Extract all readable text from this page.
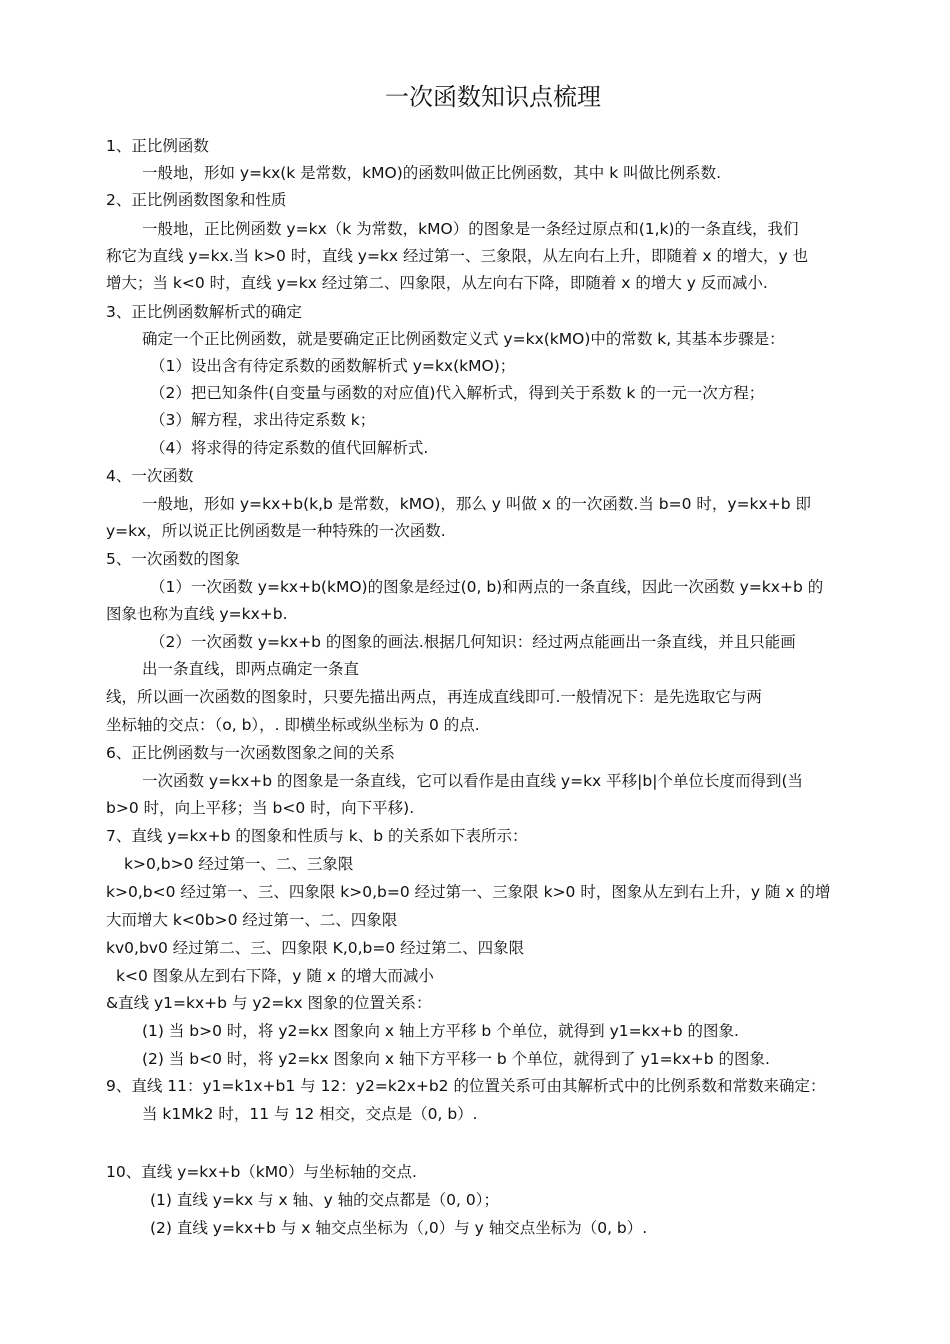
一次函数知识点梳理
1、正比例函数
一般地，形如 y=kx(k 是常数，kMO)的函数叫做正比例函数，其中 k 叫做比例系数.
2、正比例函数图象和性质
一般地，正比例函数 y=kx（k 为常数，kMO）的图象是一条经过原点和(1,k)的一条直线，我们
称它为直线 y=kx.当 k>0 时，直线 y=kx 经过第一、三象限，从左向右上升，即随着 x 的增大，y 也
增大；当 k<0 时，直线 y=kx 经过第二、四象限，从左向右下降，即随着 x 的增大 y 反而减小.
3、正比例函数解析式的确定
确定一个正比例函数，就是要确定正比例函数定义式 y=kx(kMO)中的常数 k, 其基本步骤是：
（1）设出含有待定系数的函数解析式 y=kx(kMO)；
（2）把已知条件(自变量与函数的对应值)代入解析式，得到关于系数 k 的一元一次方程；
（3）解方程，求出待定系数 k；
（4）将求得的待定系数的值代回解析式.
4、一次函数
一般地，形如 y=kx+b(k,b 是常数，kMO)，那么 y 叫做 x 的一次函数.当 b=0 时，y=kx+b 即
y=kx，所以说正比例函数是一种特殊的一次函数.
5、一次函数的图象
（1）一次函数 y=kx+b(kMO)的图象是经过(0, b)和两点的一条直线，因此一次函数 y=kx+b 的
图象也称为直线 y=kx+b.
（2）一次函数 y=kx+b 的图象的画法.根据几何知识：经过两点能画出一条直线，并且只能画
出一条直线，即两点确定一条直
线，所以画一次函数的图象时，只要先描出两点，再连成直线即可.一般情况下：是先选取它与两
坐标轴的交点：（o, b），. 即横坐标或纵坐标为 0 的点.
6、正比例函数与一次函数图象之间的关系
一次函数 y=kx+b 的图象是一条直线，它可以看作是由直线 y=kx 平移|b|个单位长度而得到(当
b>0 时，向上平移；当 b<0 时，向下平移).
7、直线 y=kx+b 的图象和性质与 k、b 的关系如下表所示：
k>0,b>0 经过第一、二、三象限
k>0,b<0 经过第一、三、四象限 k>0,b=0 经过第一、三象限 k>0 时，图象从左到右上升，y 随 x 的增
大而增大 k<0b>0 经过第一、二、四象限
kv0,bv0 经过第二、三、四象限 K,0,b=0 经过第二、四象限
k<0 图象从左到右下降，y 随 x 的增大而减小
&直线 y1=kx+b 与 y2=kx 图象的位置关系：
(1) 当 b>0 时，将 y2=kx 图象向 x 轴上方平移 b 个单位，就得到 y1=kx+b 的图象.
(2) 当 b<0 时，将 y2=kx 图象向 x 轴下方平移一 b 个单位，就得到了 y1=kx+b 的图象.
9、直线 11：y1=k1x+b1 与 12：y2=k2x+b2 的位置关系可由其解析式中的比例系数和常数来确定：
当 k1Mk2 时，11 与 12 相交，交点是（0, b）.
10、直线 y=kx+b（kM0）与坐标轴的交点.
(1) 直线 y=kx 与 x 轴、y 轴的交点都是（0, 0）；
(2) 直线 y=kx+b 与 x 轴交点坐标为（,0）与 y 轴交点坐标为（0, b）.
